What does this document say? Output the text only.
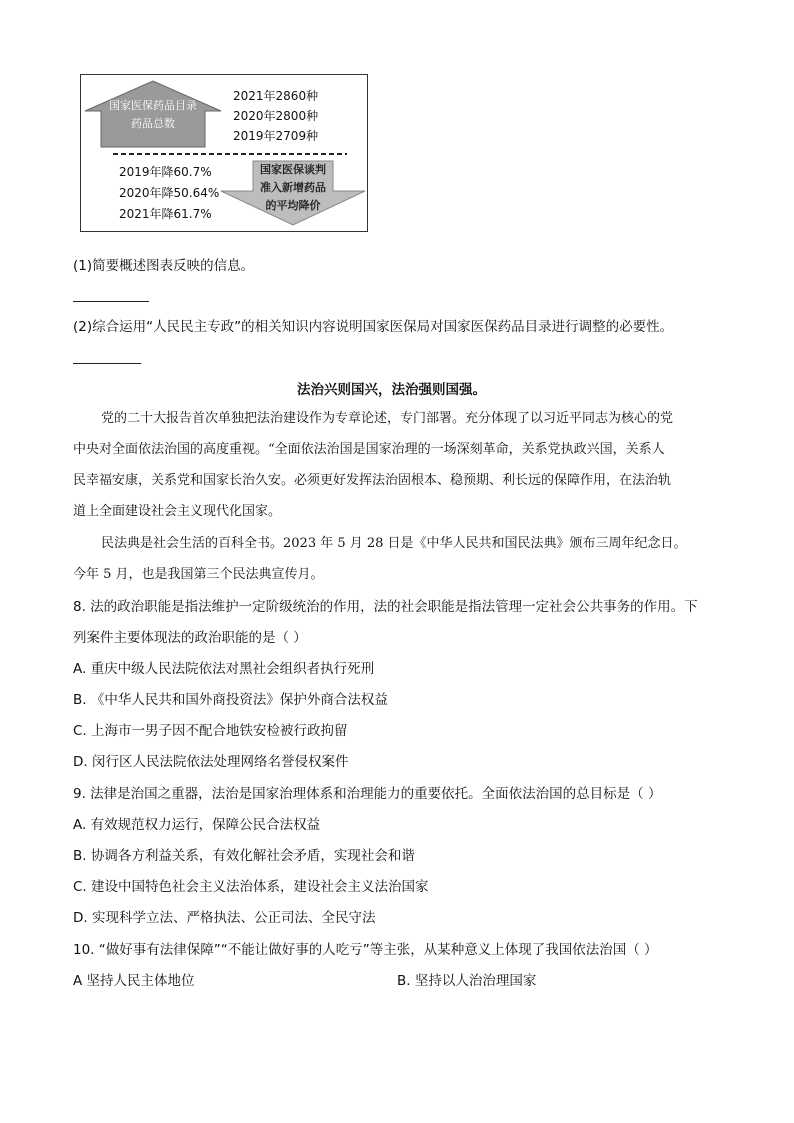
国家医保药品目录
药品总数
2021年2860种
2020年2800种
2019年2709种
2019年降60.7%
2020年降50.64%
2021年降61.7%
国家医保谈判
准入新增药品
的平均降价
(1)简要概述图表反映的信息。
(2)综合运用“人民民主专政”的相关知识内容说明国家医保局对国家医保药品目录进行调整的必要性。
法治兴则国兴，法治强则国强。
党的二十大报告首次单独把法治建设作为专章论述，专门部署。充分体现了以习近平同志为核心的党
中央对全面依法治国的高度重视。“全面依法治国是国家治理的一场深刻革命，关系党执政兴国，关系人
民幸福安康，关系党和国家长治久安。必须更好发挥法治固根本、稳预期、利长远的保障作用，在法治轨
道上全面建设社会主义现代化国家。
民法典是社会生活的百科全书。2023 年 5 月 28 日是《中华人民共和国民法典》颁布三周年纪念日。
今年 5 月，也是我国第三个民法典宣传月。
8. 法的政治职能是指法维护一定阶级统治的作用，法的社会职能是指法管理一定社会公共事务的作用。下
列案件主要体现法的政治职能的是（ ）
A. 重庆中级人民法院依法对黑社会组织者执行死刑
B. 《中华人民共和国外商投资法》保护外商合法权益
C. 上海市一男子因不配合地铁安检被行政拘留
D. 闵行区人民法院依法处理网络名誉侵权案件
9. 法律是治国之重器，法治是国家治理体系和治理能力的重要依托。全面依法治国的总目标是（ ）
A. 有效规范权力运行，保障公民合法权益
B. 协调各方利益关系，有效化解社会矛盾，实现社会和谐
C. 建设中国特色社会主义法治体系，建设社会主义法治国家
D. 实现科学立法、严格执法、公正司法、全民守法
10. “做好事有法律保障”“不能让做好事的人吃亏”等主张，从某种意义上体现了我国依法治国（ ）
A 坚持人民主体地位	B. 坚持以人治治理国家
